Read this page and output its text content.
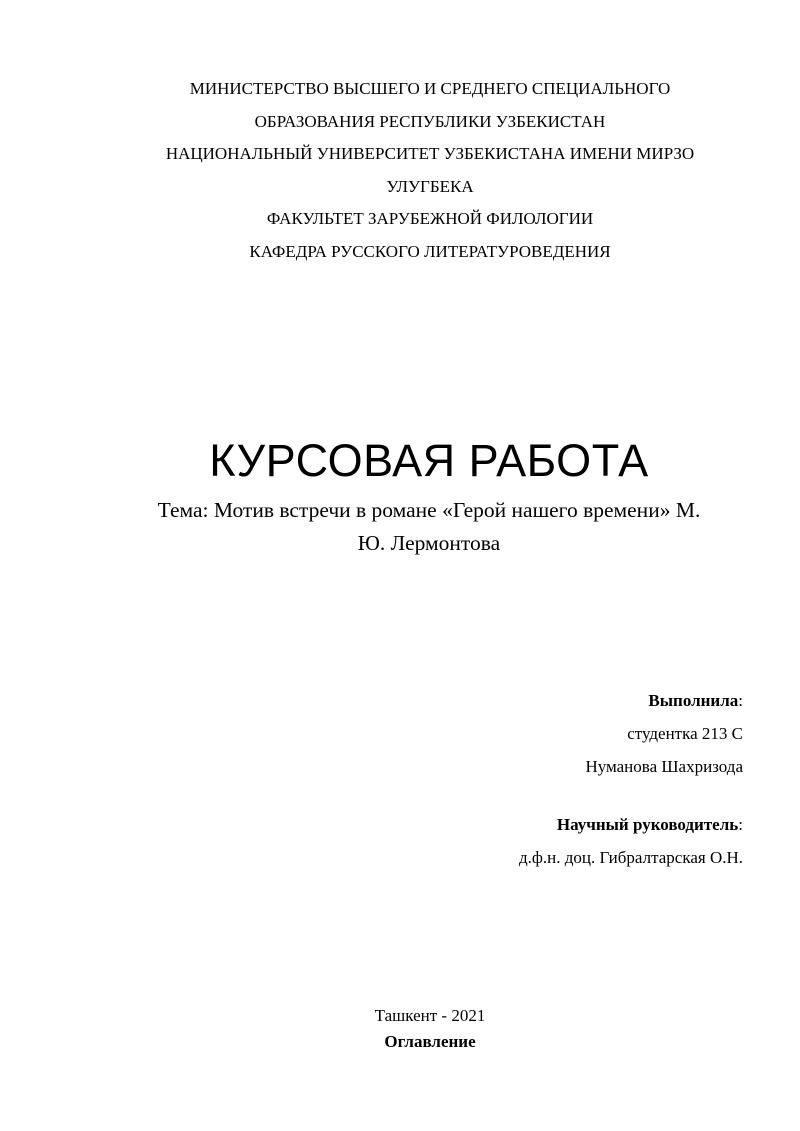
МИНИСТЕРСТВО ВЫСШЕГО И СРЕДНЕГО СПЕЦИАЛЬНОГО
ОБРАЗОВАНИЯ РЕСПУБЛИКИ УЗБЕКИСТАН
НАЦИОНАЛЬНЫЙ УНИВЕРСИТЕТ УЗБЕКИСТАНА ИМЕНИ МИРЗО
УЛУГБЕКА
ФАКУЛЬТЕТ ЗАРУБЕЖНОЙ ФИЛОЛОГИИ
КАФЕДРА РУССКОГО ЛИТЕРАТУРОВЕДЕНИЯ
КУРСОВАЯ РАБОТА
Тема: Мотив встречи в романе «Герой нашего времени» М.
Ю. Лермонтова
Выполнила:
студентка 213 С
Нуманова Шахризода
Научный руководитель:
д.ф.н. доц. Гибралтарская О.Н.
Ташкент - 2021
Оглавление
